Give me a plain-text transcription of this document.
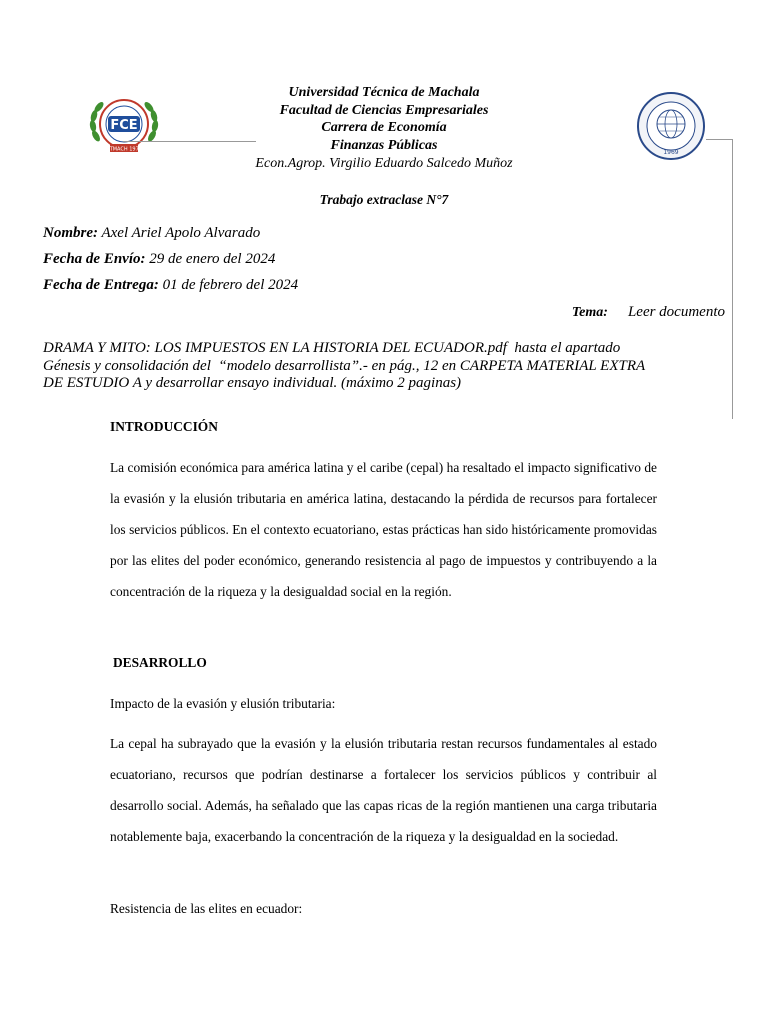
FCE
UTMACH 1970	1969
Universidad Técnica de Machala
Facultad de Ciencias Empresariales
Carrera de Economía
Finanzas Públicas
Econ.Agrop. Virgilio Eduardo Salcedo Muñoz
Trabajo extraclase N°7
Nombre: Axel Ariel Apolo Alvarado
Fecha de Envío: 29 de enero del 2024
Fecha de Entrega: 01 de febrero del 2024
Tema: Leer documento
DRAMA Y MITO: LOS IMPUESTOS EN LA HISTORIA DEL ECUADOR.pdf  hasta el apartado
Génesis y consolidación del  “modelo desarrollista”.- en pág., 12 en CARPETA MATERIAL EXTRA
DE ESTUDIO A y desarrollar ensayo individual. (máximo 2 paginas)
INTRODUCCIÓN
La comisión económica para américa latina y el caribe (cepal) ha resaltado el impacto significativo de la evasión y la elusión tributaria en américa latina, destacando la pérdida de recursos para fortalecer los servicios públicos. En el contexto ecuatoriano, estas prácticas han sido históricamente promovidas por las elites del poder económico, generando resistencia al pago de impuestos y contribuyendo a la concentración de la riqueza y la desigualdad social en la región.
DESARROLLO
Impacto de la evasión y elusión tributaria:
La cepal ha subrayado que la evasión y la elusión tributaria restan recursos fundamentales al estado ecuatoriano, recursos que podrían destinarse a fortalecer los servicios públicos y contribuir al desarrollo social. Además, ha señalado que las capas ricas de la región mantienen una carga tributaria notablemente baja, exacerbando la concentración de la riqueza y la desigualdad en la sociedad.
Resistencia de las elites en ecuador:
